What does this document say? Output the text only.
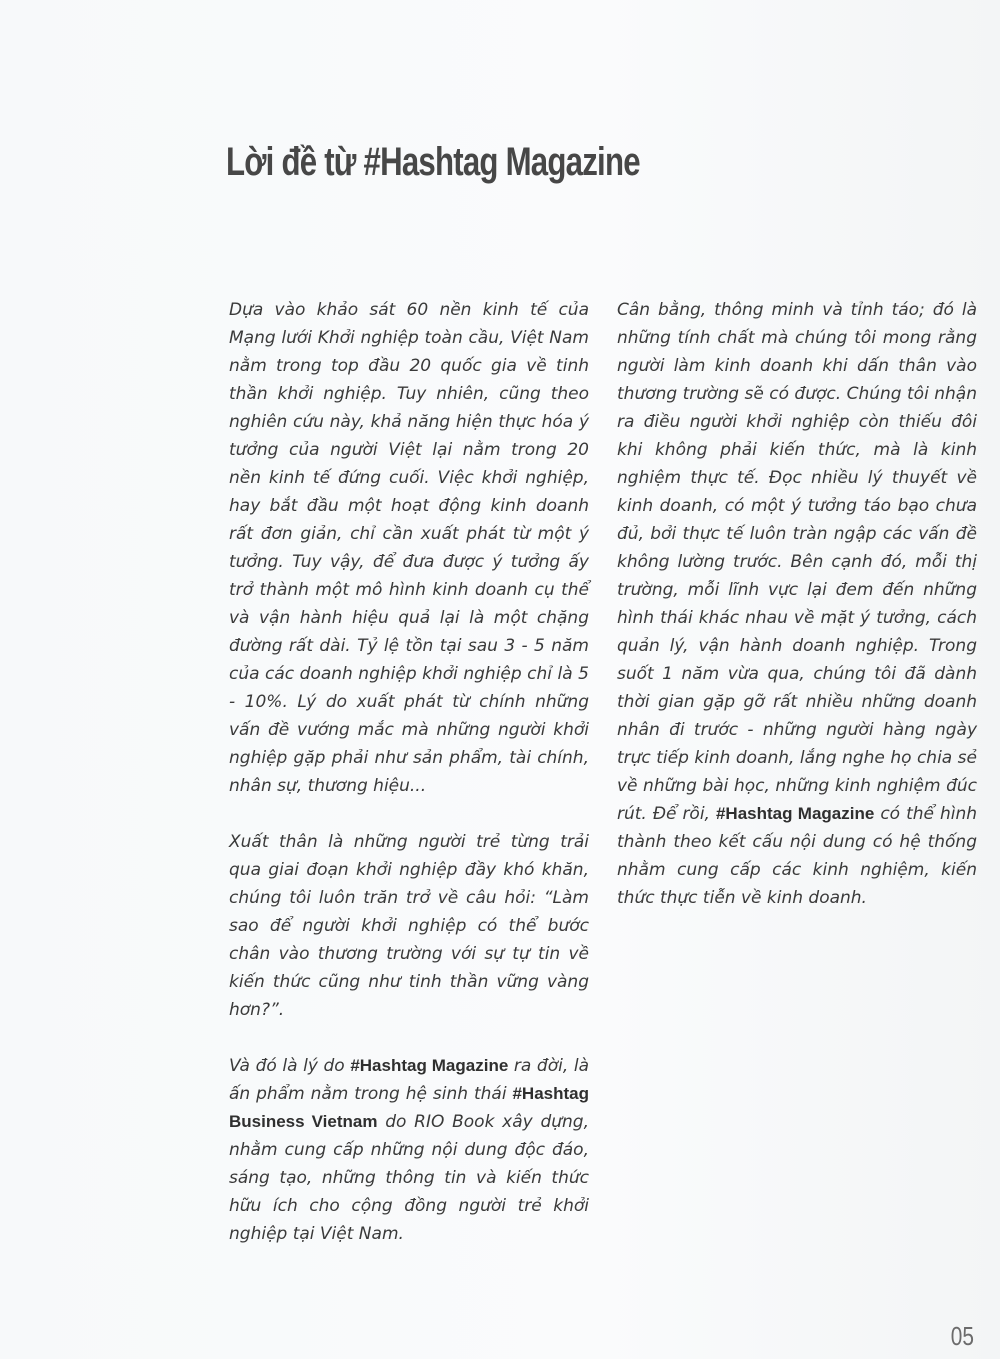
Lời đề từ #Hashtag Magazine

Dựa vào khảo sát 60 nền kinh tế của Mạng lưới Khởi nghiệp toàn cầu, Việt Nam nằm trong top đầu 20 quốc gia về tinh thần khởi nghiệp. Tuy nhiên, cũng theo nghiên cứu này, khả năng hiện thực hóa ý tưởng của người Việt lại nằm trong 20 nền kinh tế đứng cuối. Việc khởi nghiệp, hay bắt đầu một hoạt động kinh doanh rất đơn giản, chỉ cần xuất phát từ một ý tưởng. Tuy vậy, để đưa được ý tưởng ấy trở thành một mô hình kinh doanh cụ thể và vận hành hiệu quả lại là một chặng đường rất dài. Tỷ lệ tồn tại sau 3 - 5 năm của các doanh nghiệp khởi nghiệp chỉ là 5 - 10%. Lý do xuất phát từ chính những vấn đề vướng mắc mà những người khởi nghiệp gặp phải như sản phẩm, tài chính, nhân sự, thương hiệu...

Xuất thân là những người trẻ từng trải qua giai đoạn khởi nghiệp đầy khó khăn, chúng tôi luôn trăn trở về câu hỏi: “Làm sao để người khởi nghiệp có thể bước chân vào thương trường với sự tự tin về kiến thức cũng như tinh thần vững vàng hơn?”.

Và đó là lý do #Hashtag Magazine ra đời, là ấn phẩm nằm trong hệ sinh thái #Hashtag Business Vietnam do RIO Book xây dựng, nhằm cung cấp những nội dung độc đáo, sáng tạo, những thông tin và kiến thức hữu ích cho cộng đồng người trẻ khởi nghiệp tại Việt Nam.

Cân bằng, thông minh và tỉnh táo; đó là những tính chất mà chúng tôi mong rằng người làm kinh doanh khi dấn thân vào thương trường sẽ có được. Chúng tôi nhận ra điều người khởi nghiệp còn thiếu đôi khi không phải kiến thức, mà là kinh nghiệm thực tế. Đọc nhiều lý thuyết về kinh doanh, có một ý tưởng táo bạo chưa đủ, bởi thực tế luôn tràn ngập các vấn đề không lường trước. Bên cạnh đó, mỗi thị trường, mỗi lĩnh vực lại đem đến những hình thái khác nhau về mặt ý tưởng, cách quản lý, vận hành doanh nghiệp. Trong suốt 1 năm vừa qua, chúng tôi đã dành thời gian gặp gỡ rất nhiều những doanh nhân đi trước - những người hàng ngày trực tiếp kinh doanh, lắng nghe họ chia sẻ về những bài học, những kinh nghiệm đúc rút. Để rồi, #Hashtag Magazine có thể hình thành theo kết cấu nội dung có hệ thống nhằm cung cấp các kinh nghiệm, kiến thức thực tiễn về kinh doanh.

05
